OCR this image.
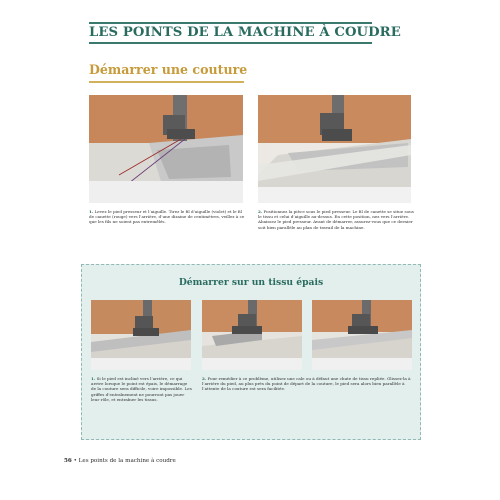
LES POINTS DE LA MACHINE À COUDRE
Démarrer une couture
1. Levez le pied presseur et l’aiguille. Tirez le fil d’aiguille (violet) et le fil de canette (rouge) vers l’arrière, d’une dizaine de centimètres, veillez à ce que les fils ne soient pas entremêlés.
2. Positionnez la pièce sous le pied presseur. Le fil de canette se situe sous le tissu et celui d’aiguille au-dessus. En cette position, nez vers l’arrière. Abaissez le pied presseur. Avant de démarrer, assurez-vous que ce dernier soit bien parallèle au plan de travail de la machine.
Démarrer sur un tissu épais
1. Si le pied est incliné vers l’arrière, ce qui arrive lorsque le point est épais, le démarrage de la couture sera difficile, voire impossible. Les griffes d’entraînement ne pourront pas jouer leur rôle, et entraîner les tissus.
2. Pour remédier à ce problème, utilisez une cale ou à défaut une chute de tissu repliée. Glissez-la à l’arrière du pied, au plus près du point de départ de la couture, le pied sera alors bien parallèle à l’attente de la couture est sera facilitée.
56 • Les points de la machine à coudre
